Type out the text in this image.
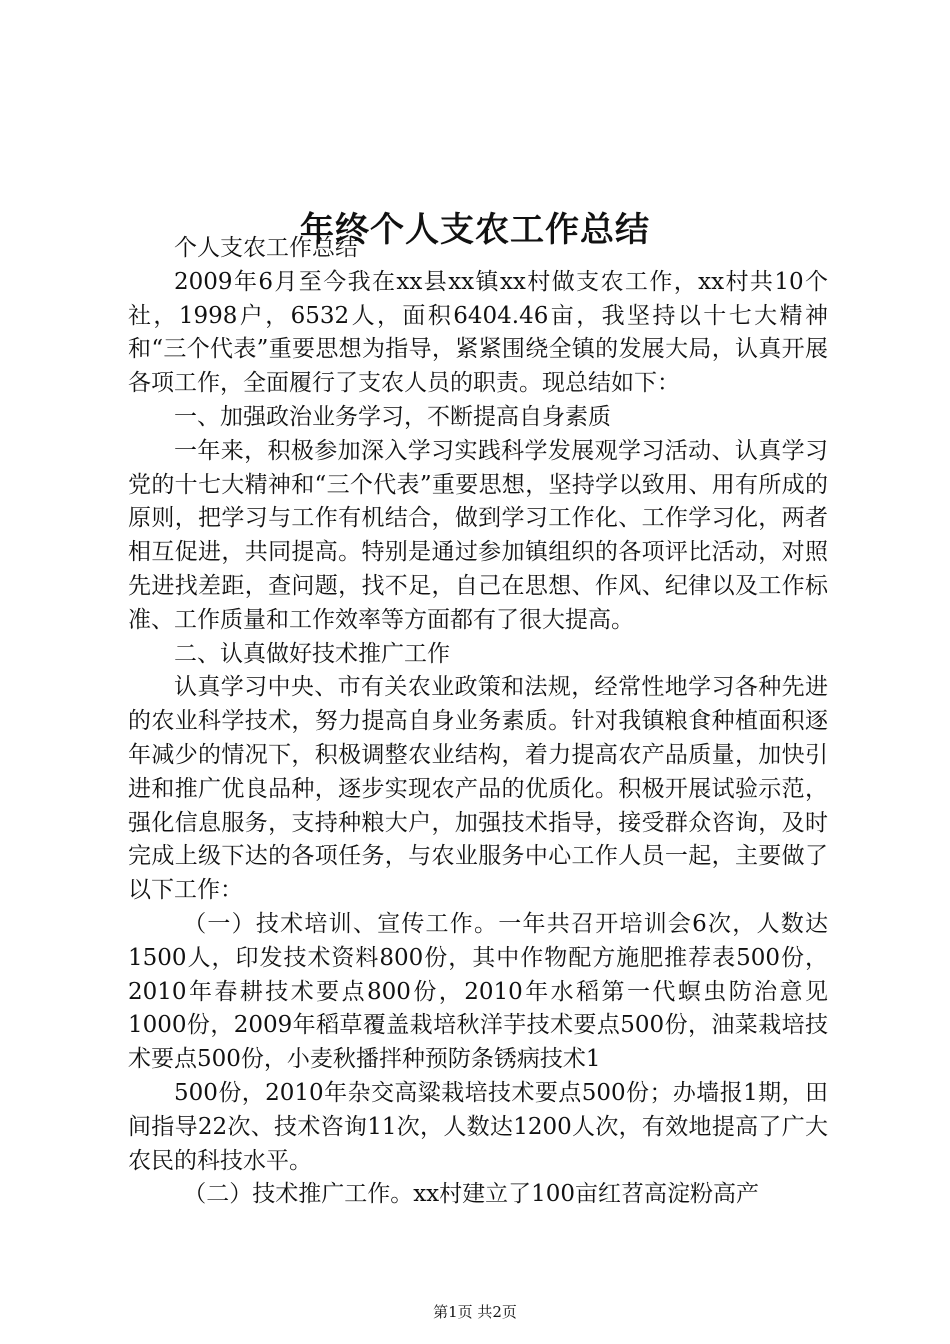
年终个人支农工作总结

个人支农工作总结

2009年6月至今我在xx县xx镇xx村做支农工作，xx村共10个社，1998户，6532人，面积6404.46亩，我坚持以十七大精神和“三个代表”重要思想为指导，紧紧围绕全镇的发展大局，认真开展各项工作，全面履行了支农人员的职责。现总结如下：

一、加强政治业务学习，不断提高自身素质

一年来，积极参加深入学习实践科学发展观学习活动、认真学习党的十七大精神和“三个代表”重要思想，坚持学以致用、用有所成的原则，把学习与工作有机结合，做到学习工作化、工作学习化，两者相互促进，共同提高。特别是通过参加镇组织的各项评比活动，对照先进找差距，查问题，找不足，自己在思想、作风、纪律以及工作标准、工作质量和工作效率等方面都有了很大提高。

二、认真做好技术推广工作

认真学习中央、市有关农业政策和法规，经常性地学习各种先进的农业科学技术，努力提高自身业务素质。针对我镇粮食种植面积逐年减少的情况下，积极调整农业结构，着力提高农产品质量，加快引进和推广优良品种，逐步实现农产品的优质化。积极开展试验示范，强化信息服务，支持种粮大户，加强技术指导，接受群众咨询，及时完成上级下达的各项任务，与农业服务中心工作人员一起，主要做了以下工作：

（一）技术培训、宣传工作。一年共召开培训会6次，人数达1500人，印发技术资料800份，其中作物配方施肥推荐表500份，2010年春耕技术要点800份，2010年水稻第一代螟虫防治意见1000份，2009年稻草覆盖栽培秋洋芋技术要点500份，油菜栽培技术要点500份，小麦秋播拌种预防条锈病技术1

500份，2010年杂交高粱栽培技术要点500份；办墙报1期，田间指导22次、技术咨询11次，人数达1200人次，有效地提高了广大农民的科技水平。

（二）技术推广工作。xx村建立了100亩红苕高淀粉高产

第1页 共2页
